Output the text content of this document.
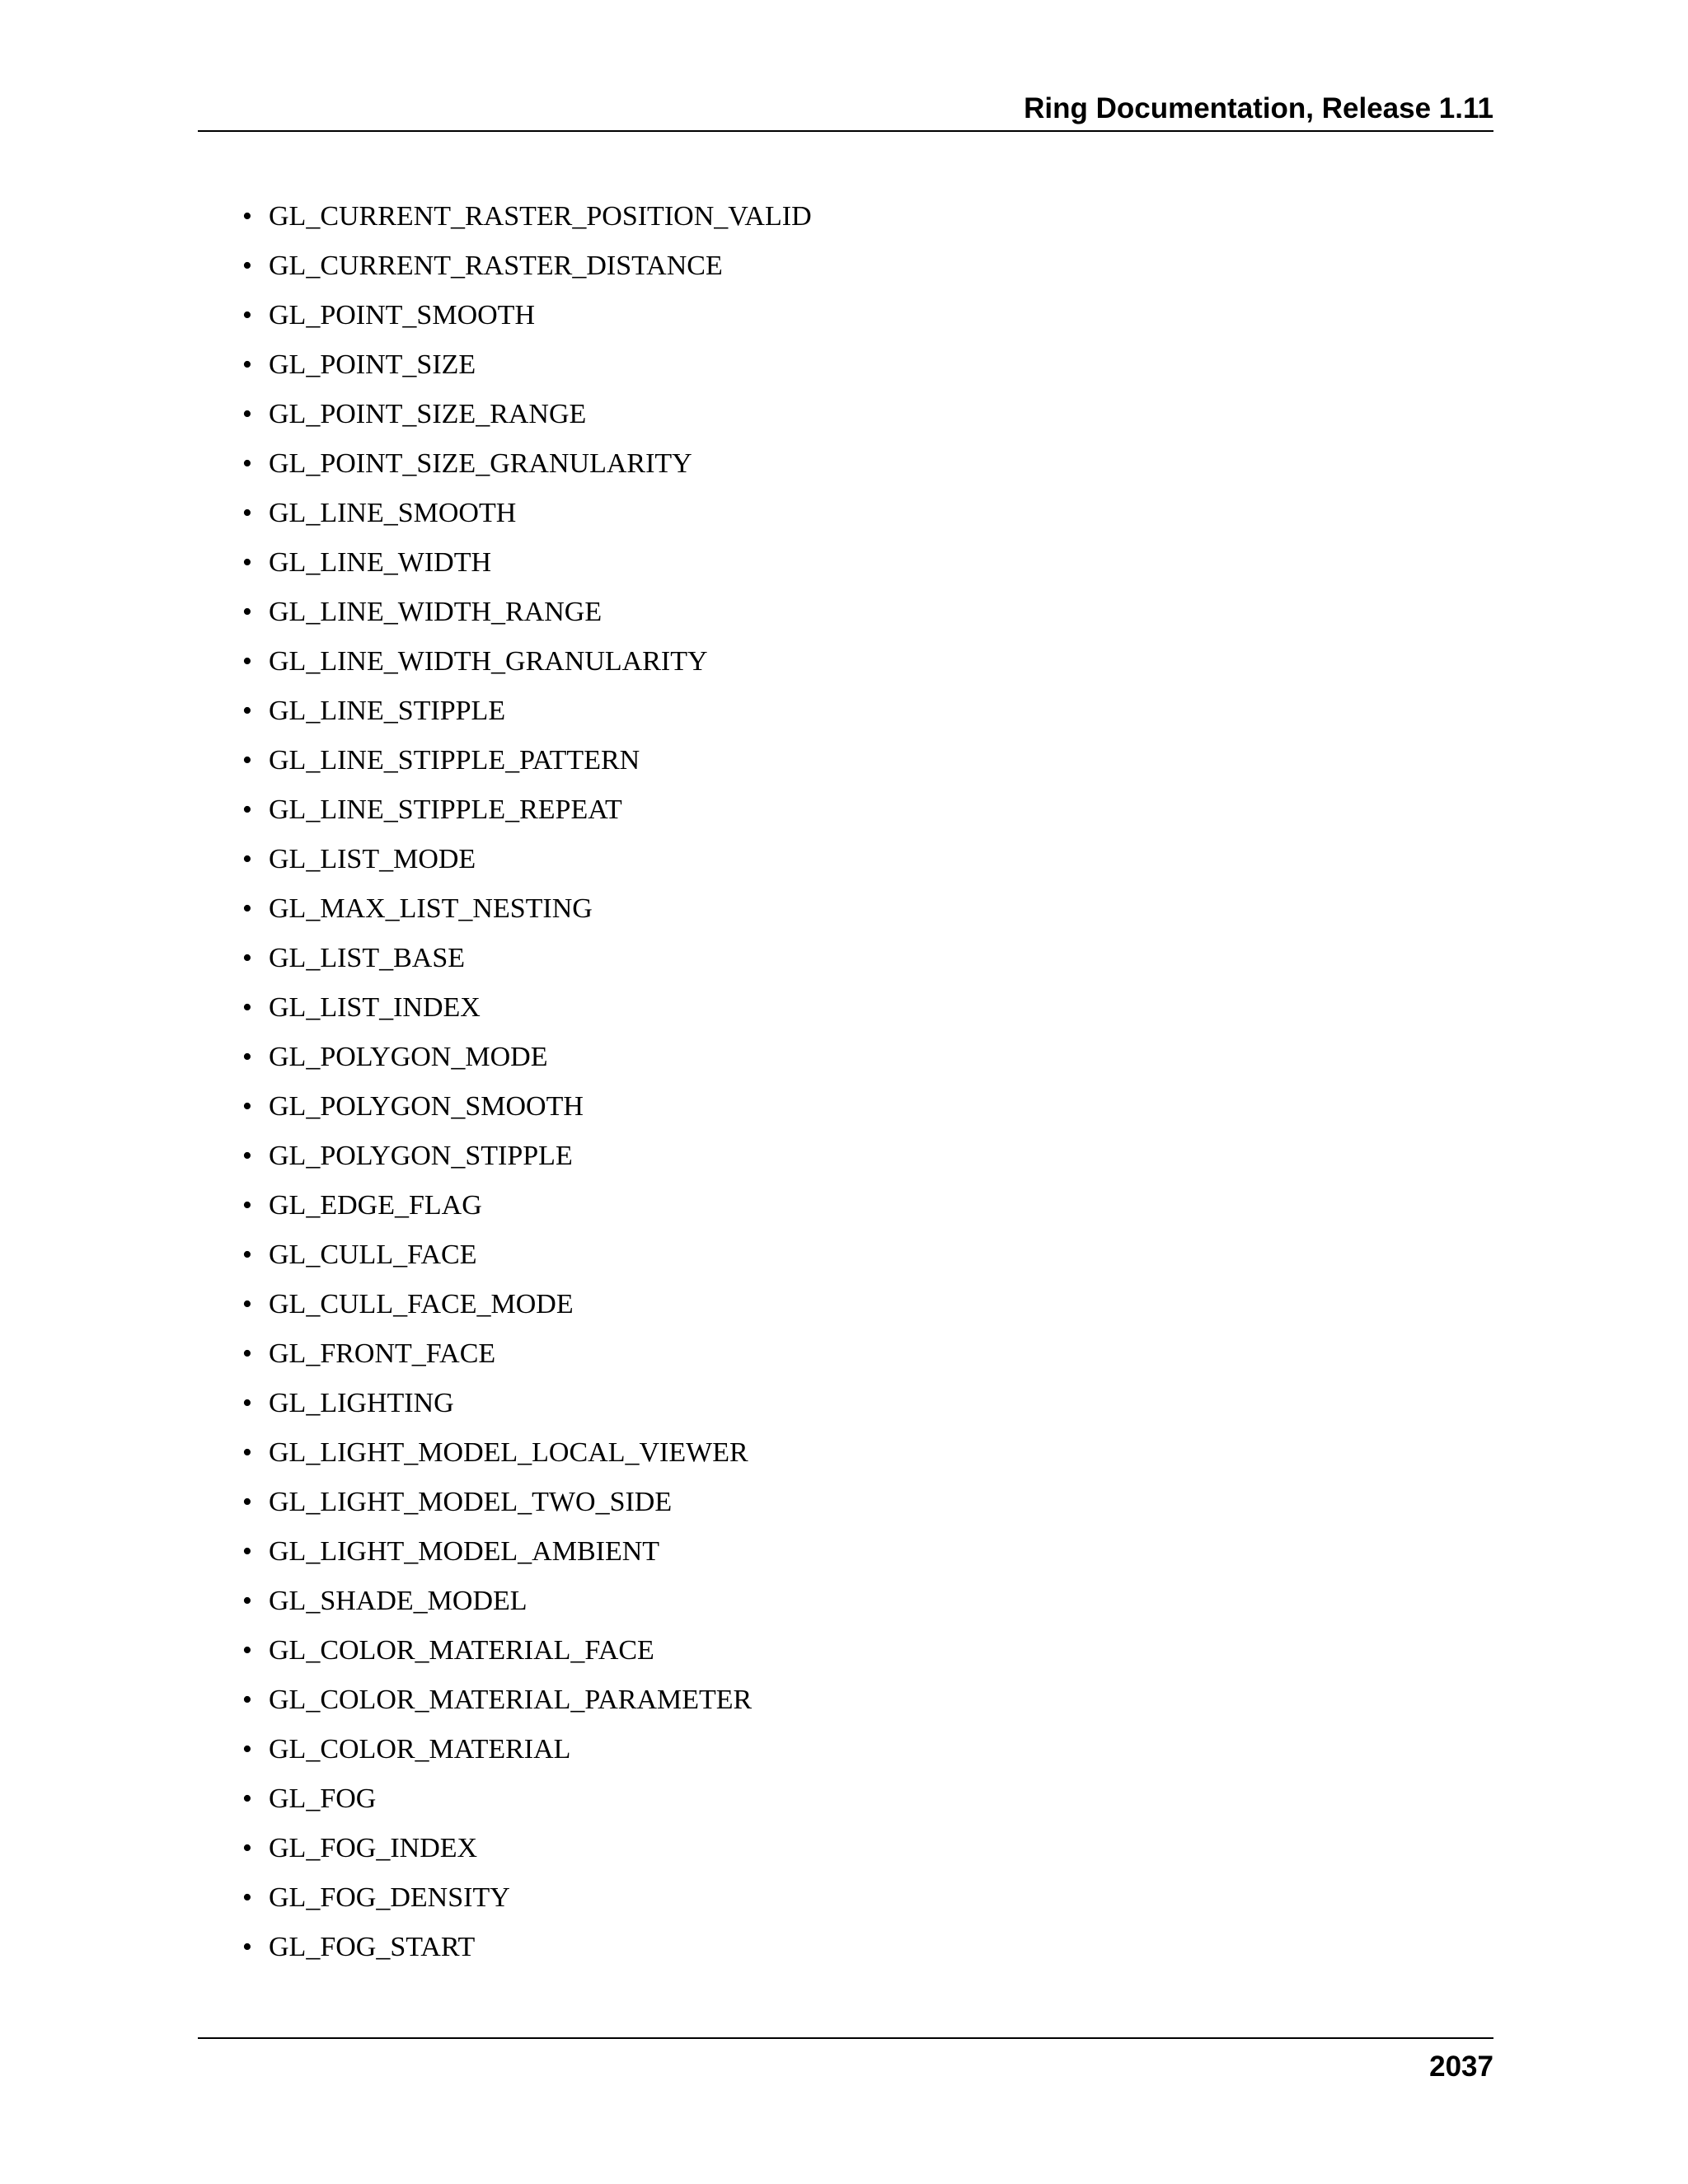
Ring Documentation, Release 1.11
• GL_CURRENT_RASTER_POSITION_VALID
• GL_CURRENT_RASTER_DISTANCE
• GL_POINT_SMOOTH
• GL_POINT_SIZE
• GL_POINT_SIZE_RANGE
• GL_POINT_SIZE_GRANULARITY
• GL_LINE_SMOOTH
• GL_LINE_WIDTH
• GL_LINE_WIDTH_RANGE
• GL_LINE_WIDTH_GRANULARITY
• GL_LINE_STIPPLE
• GL_LINE_STIPPLE_PATTERN
• GL_LINE_STIPPLE_REPEAT
• GL_LIST_MODE
• GL_MAX_LIST_NESTING
• GL_LIST_BASE
• GL_LIST_INDEX
• GL_POLYGON_MODE
• GL_POLYGON_SMOOTH
• GL_POLYGON_STIPPLE
• GL_EDGE_FLAG
• GL_CULL_FACE
• GL_CULL_FACE_MODE
• GL_FRONT_FACE
• GL_LIGHTING
• GL_LIGHT_MODEL_LOCAL_VIEWER
• GL_LIGHT_MODEL_TWO_SIDE
• GL_LIGHT_MODEL_AMBIENT
• GL_SHADE_MODEL
• GL_COLOR_MATERIAL_FACE
• GL_COLOR_MATERIAL_PARAMETER
• GL_COLOR_MATERIAL
• GL_FOG
• GL_FOG_INDEX
• GL_FOG_DENSITY
• GL_FOG_START
2037
